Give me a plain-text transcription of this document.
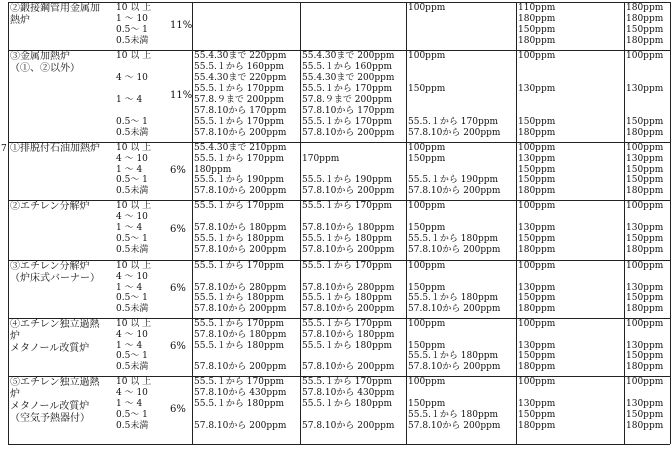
7
②鍛接鋼管用金属加
熱炉
10 以 上
1 ～ 10
0.5～ 1
0.5未満
11%
100ppm	110ppm
180ppm
150ppm
180ppm
180ppm
180ppm
150ppm
180ppm
③金属加熱炉
（①、②以外）
10 以 上
4 ～ 10
1 ～ 4
0.5～ 1
0.5未満
11%
55.4.30まで 220ppm
55.5.１から 160ppm
55.4.30まで 220ppm
55.5.１から 170ppm
57.8.９まで 200ppm
57.8.10から 170ppm
55.5.１から 170ppm
57.8.10から 200ppm
55.4.30まで 200ppm
55.5.１から 160ppm
55.4.30まで 200ppm
55.5.１から 170ppm
57.8.９まで 200ppm
57.8.10から 170ppm
55.5.１から 170ppm
57.8.10から 200ppm
100ppm
150ppm
55.5.１から 170ppm
57.8.10から 200ppm
100ppm
130ppm
150ppm
180ppm
100ppm
130ppm
150ppm
180ppm
①排脱付石油加熱炉 10 以 上
4 ～ 10
1 ～ 4
0.5～ 1
0.5未満
6%
55.4.30まで 210ppm
55.5.１から 170ppm
180ppm
55.5.１から 190ppm
57.8.10から 200ppm
170ppm
55.5.１から 190ppm
57.8.10から 200ppm
100ppm
150ppm
55.5.１から 190ppm
57.8.10から 200ppm
100ppm
130ppm
150ppm
150ppm
180ppm
100ppm
130ppm
150ppm
150ppm
180ppm
②エチレン分解炉	10 以 上
4 ～ 10
1 ～ 4
0.5～ 1
0.5未満
6%
55.5.１から 170ppm
57.8.10から 180ppm
55.5.１から 180ppm
57.8.10から 200ppm
55.5.１から 170ppm
57.8.10から 180ppm
55.5.１から 180ppm
57.8.10から 200ppm
100ppm
150ppm
55.5.１から 180ppm
57.8.10から 200ppm
100ppm
130ppm
150ppm
180ppm
100ppm
130ppm
150ppm
180ppm
③エチレン分解炉
（炉床式バーナー）
10 以 上
4 ～ 10
1 ～ 4
0.5～ 1
0.5未満
6%
55.5.１から 170ppm
57.8.10から 280ppm
55.5.１から 180ppm
57.8.10から 200ppm
55.5.１から 170ppm
57.8.10から 280ppm
55.5.１から 180ppm
57.8.10から 200ppm
100ppm
150ppm
55.5.１から 180ppm
57.8.10から 200ppm
100ppm
130ppm
150ppm
180ppm
100ppm
130ppm
150ppm
180ppm
④エチレン独立過熱
炉
メタノール改質炉
10 以 上
4 ～ 10
1 ～ 4
0.5～ 1
0.5未満
6%
55.5.１から 170ppm
57.8.10から 180ppm
55.5.１から 180ppm
57.8.10から 200ppm
55.5.１から 170ppm
57.8.10から 180ppm
55.5.１から 180ppm
57.8.10から 200ppm
100ppm
150ppm
55.5.１から 180ppm
57.8.10から 200ppm
100ppm
130ppm
150ppm
180ppm
100ppm
130ppm
150ppm
180ppm
⑤エチレン独立過熱
炉
メタノール改質炉
（空気予熱器付）
10 以 上
4 ～ 10
1 ～ 4
0.5～ 1
0.5未満
6%
55.5.１から 170ppm
57.8.10から 430ppm
55.5.１から 180ppm
57.8.10から 200ppm
55.5.１から 170ppm
57.8.10から 430ppm
55.5.１から 180ppm
57.8.10から 200ppm
100ppm
150ppm
55.5.１から 180ppm
57.8.10から 200ppm
100ppm
130ppm
150ppm
180ppm
100ppm
130ppm
150ppm
180ppm
